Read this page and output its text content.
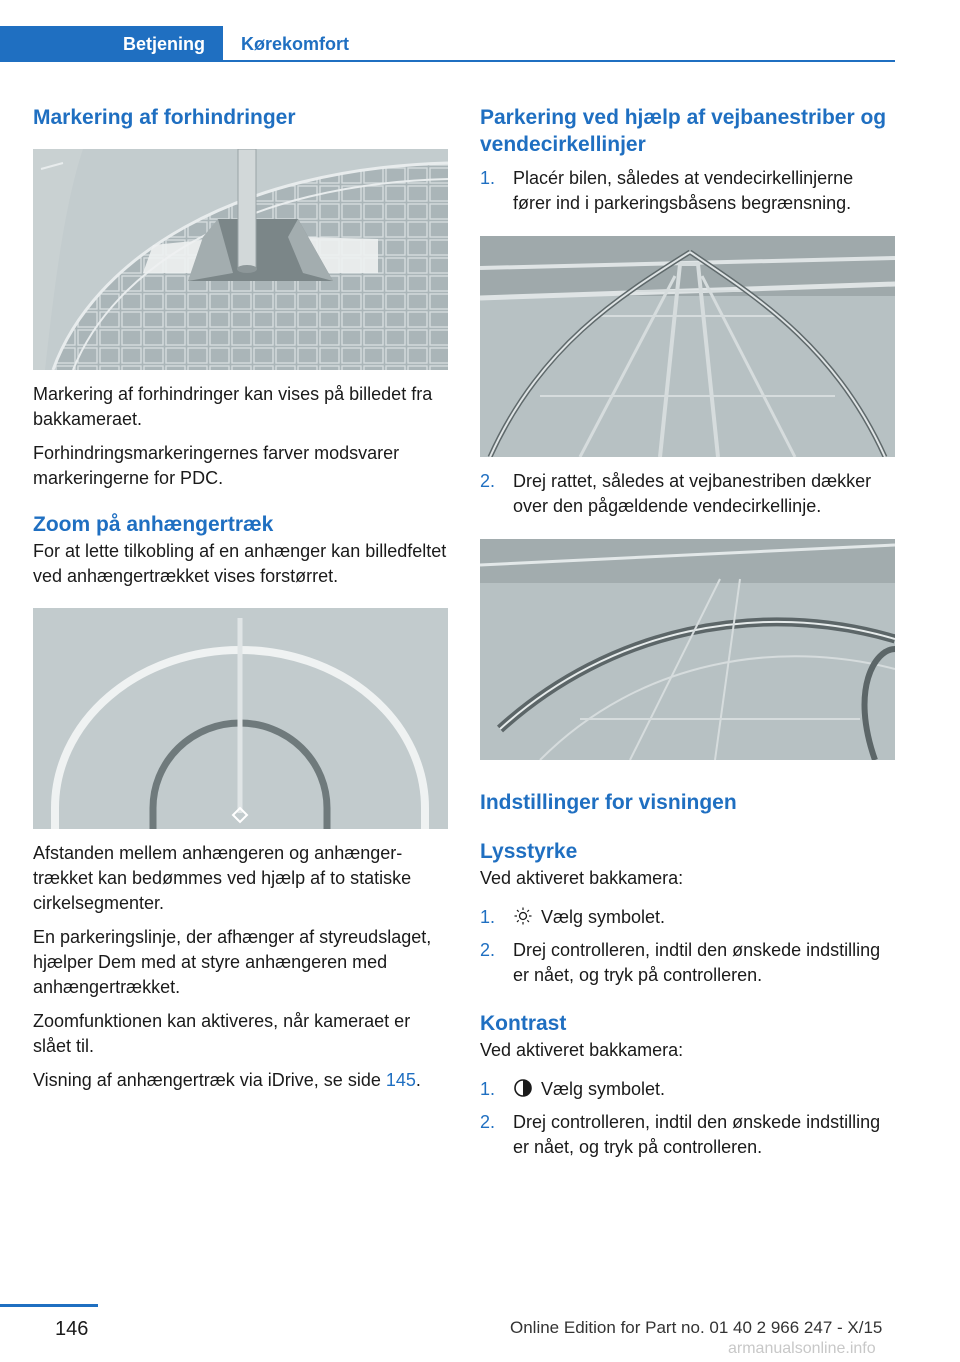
Betjening	Kørekomfort
Markering af forhindringer

Markering af forhindringer kan vises på billedet fra bakkameraet.

Forhindringsmarkeringernes farver modsvarer markeringerne for PDC.

Zoom på anhængertræk

For at lette tilkobling af en anhænger kan billedfeltet ved anhængertrækket vises forstørret.

Afstanden mellem anhængeren og anhængertrækket kan bedømmes ved hjælp af to statiske cirkelsegmenter.

En parkeringslinje, der afhænger af styreudslaget, hjælper Dem med at styre anhængeren med anhængertrækket.

Zoomfunktionen kan aktiveres, når kameraet er slået til.

Visning af anhængertræk via iDrive, se side 145.

Parkering ved hjælp af vejbanestriber og vendecirkellinjer
1. Placér bilen, således at vendecirkellinjerne fører ind i parkeringsbåsens begrænsning.
2. Drej rattet, således at vejbanestriben dækker over den pågældende vendecirkellinje.
Indstillinger for visningen
Lysstyrke

Ved aktiveret bakkamera:

1.	Vælg symbolet.
2. Drej controlleren, indtil den ønskede indstilling er nået, og tryk på controlleren.
Kontrast

Ved aktiveret bakkamera:

1.	Vælg symbolet.
2. Drej controlleren, indtil den ønskede indstilling er nået, og tryk på controlleren.
146	Online Edition for Part no. 01 40 2 966 247 - X/15
armanualsonline.info
